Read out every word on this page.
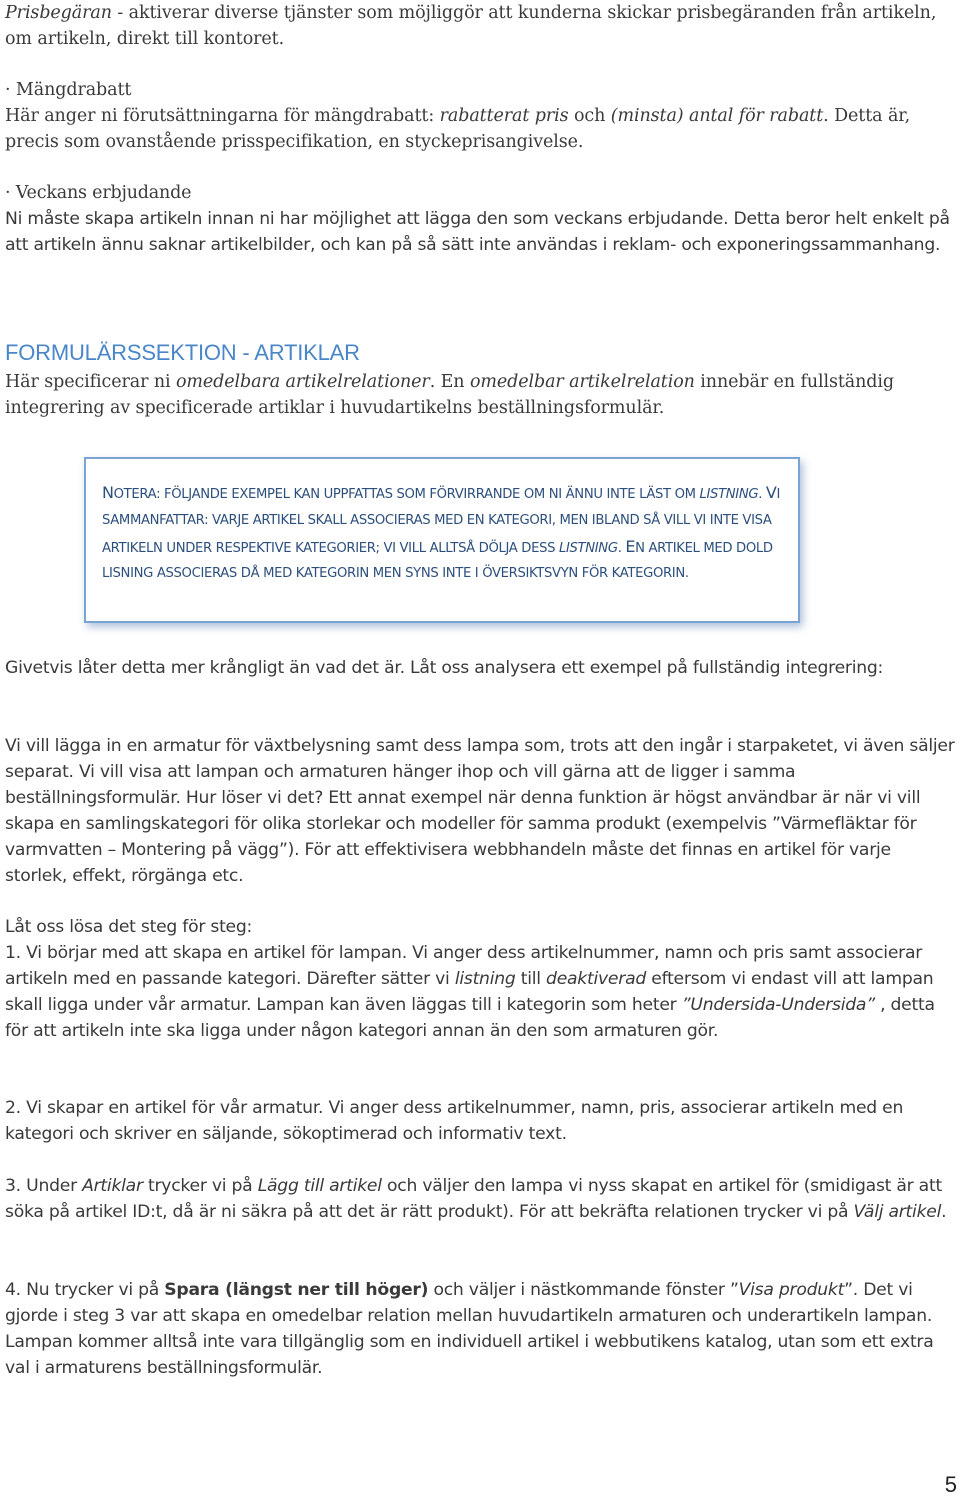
Prisbegäran - aktiverar diverse tjänster som möjliggör att kunderna skickar prisbegäranden från artikeln, om artikeln, direkt till kontoret.

· Mängdrabatt

Här anger ni förutsättningarna för mängdrabatt: rabatterat pris och (minsta) antal för rabatt. Detta är, precis som ovanstående prisspecifikation, en styckeprisangivelse.

· Veckans erbjudande

Ni måste skapa artikeln innan ni har möjlighet att lägga den som veckans erbjudande. Detta beror helt enkelt på att artikeln ännu saknar artikelbilder, och kan på så sätt inte användas i reklam- och exponeringssammanhang.

FORMULÄRSSEKTION - ARTIKLAR

Här specificerar ni omedelbara artikelrelationer. En omedelbar artikelrelation innebär en fullständig integrering av specificerade artiklar i huvudartikelns beställningsformulär.

NOTERA: FÖLJANDE EXEMPEL KAN UPPFATTAS SOM FÖRVIRRANDE OM NI ÄNNU INTE LÄST OM LISTNING. VI SAMMANFATTAR: VARJE ARTIKEL SKALL ASSOCIERAS MED EN KATEGORI, MEN IBLAND SÅ VILL VI INTE VISA ARTIKELN UNDER RESPEKTIVE KATEGORIER; VI VILL ALLTSÅ DÖLJA DESS LISTNING. EN ARTIKEL MED DOLD LISNING ASSOCIERAS DÅ MED KATEGORIN MEN SYNS INTE I ÖVERSIKTSVYN FÖR KATEGORIN.

Givetvis låter detta mer krångligt än vad det är. Låt oss analysera ett exempel på fullständig integrering:

Vi vill lägga in en armatur för växtbelysning samt dess lampa som, trots att den ingår i starpaketet, vi även säljer separat. Vi vill visa att lampan och armaturen hänger ihop och vill gärna att de ligger i samma beställningsformulär. Hur löser vi det? Ett annat exempel när denna funktion är högst användbar är när vi vill skapa en samlingskategori för olika storlekar och modeller för samma produkt (exempelvis ”Värmefläktar för varmvatten – Montering på vägg”). För att effektivisera webbhandeln måste det finnas en artikel för varje storlek, effekt, rörgänga etc.

Låt oss lösa det steg för steg:

1. Vi börjar med att skapa en artikel för lampan. Vi anger dess artikelnummer, namn och pris samt associerar artikeln med en passande kategori. Därefter sätter vi listning till deaktiverad eftersom vi endast vill att lampan skall ligga under vår armatur. Lampan kan även läggas till i kategorin som heter ”Undersida-Undersida” , detta för att artikeln inte ska ligga under någon kategori annan än den som armaturen gör.

2. Vi skapar en artikel för vår armatur. Vi anger dess artikelnummer, namn, pris, associerar artikeln med en kategori och skriver en säljande, sökoptimerad och informativ text.

3. Under Artiklar trycker vi på Lägg till artikel och väljer den lampa vi nyss skapat en artikel för (smidigast är att söka på artikel ID:t, då är ni säkra på att det är rätt produkt). För att bekräfta relationen trycker vi på Välj artikel.

4. Nu trycker vi på Spara (längst ner till höger) och väljer i nästkommande fönster ”Visa produkt”. Det vi gjorde i steg 3 var att skapa en omedelbar relation mellan huvudartikeln armaturen och underartikeln lampan. Lampan kommer alltså inte vara tillgänglig som en individuell artikel i webbutikens katalog, utan som ett extra val i armaturens beställningsformulär.

5
